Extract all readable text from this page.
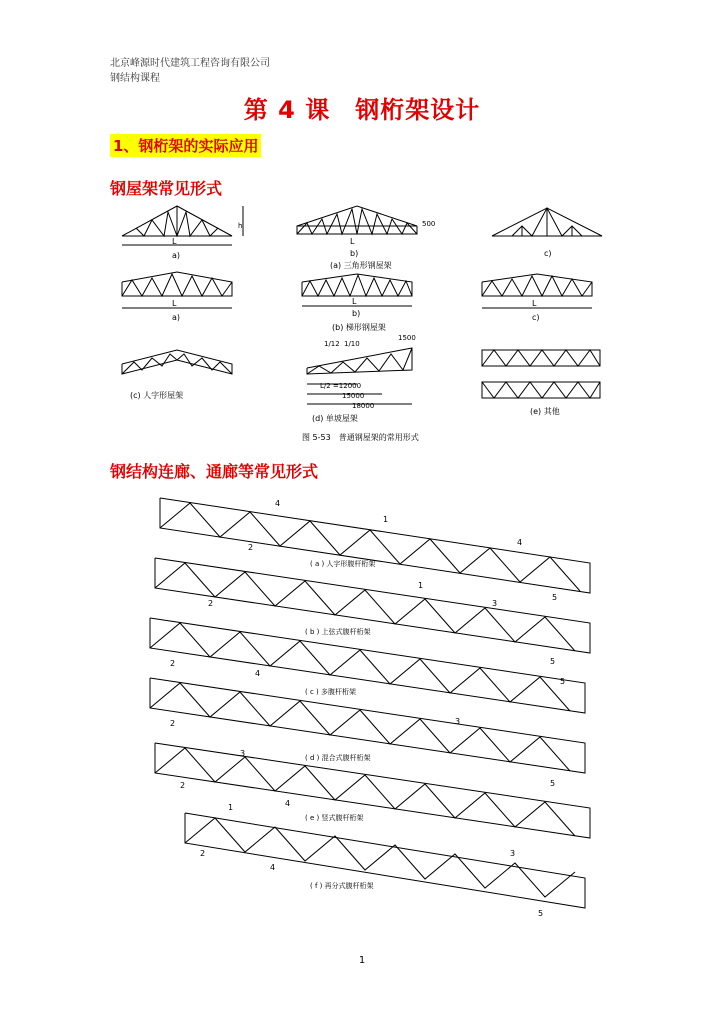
北京峰源时代建筑工程咨询有限公司
钢结构课程
第 4 课　钢桁架设计
1、钢桁架的实际应用
钢屋架常见形式
L
a)
h
L
b)
(a) 三角形钢屋架
500
c)
L
a)
L
b)
(b) 梯形钢屋架
L
c)
(c) 人字形屋架
1/12 1/10
1500
L/2 =12000
15000
18000
(d) 单坡屋架
(e) 其他
图 5-53　普通钢屋架的常用形式
钢结构连廊、通廊等常见形式
( a ) 人字形腹杆桁架
( b ) 上弦式腹杆桁架
( c ) 多腹杆桁架
( d ) 混合式腹杆桁架
( e ) 竖式腹杆桁架
( f ) 再分式腹杆桁架
4
1
2
4
2
1
3
5
2	5
4
2	3
5
3
2	5
4
1
2
4
3
5
1
